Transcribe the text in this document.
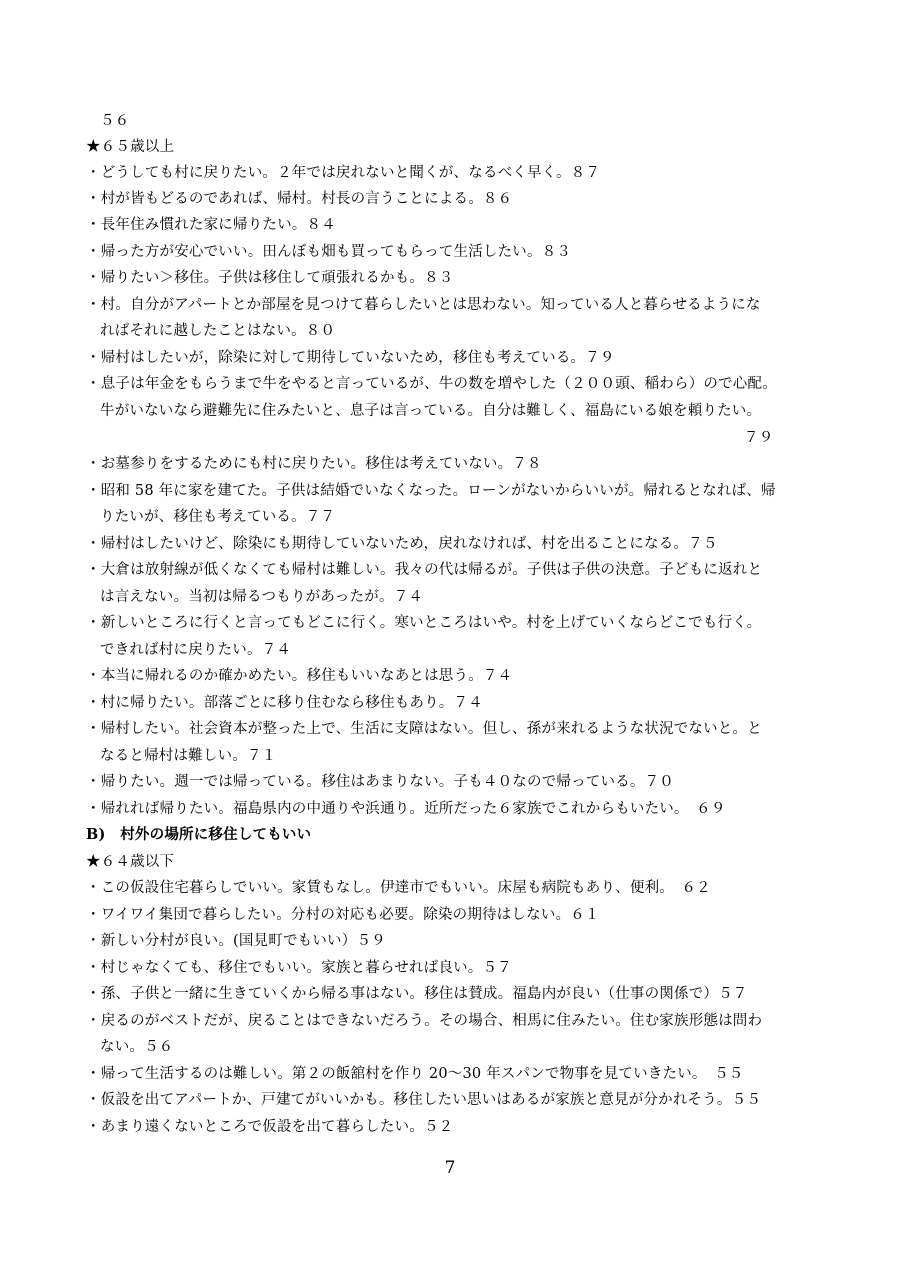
５６
★６５歳以上
・どうしても村に戻りたい。２年では戻れないと聞くが、なるべく早く。８７
・村が皆もどるのであれば、帰村。村長の言うことによる。８６
・長年住み慣れた家に帰りたい。８４
・帰った方が安心でいい。田んぼも畑も買ってもらって生活したい。８３
・帰りたい＞移住。子供は移住して頑張れるかも。８３
・村。自分がアパートとか部屋を見つけて暮らしたいとは思わない。知っている人と暮らせるようにな
ればそれに越したことはない。８０
・帰村はしたいが，除染に対して期待していないため，移住も考えている。７９
・息子は年金をもらうまで牛をやると言っているが、牛の数を増やした（２００頭、稲わら）ので心配。
牛がいないなら避難先に住みたいと、息子は言っている。自分は難しく、福島にいる娘を頼りたい。
７９
・お墓参りをするためにも村に戻りたい。移住は考えていない。７８
・昭和 58 年に家を建てた。子供は結婚でいなくなった。ローンがないからいいが。帰れるとなれば、帰
りたいが、移住も考えている。７７
・帰村はしたいけど、除染にも期待していないため，戻れなければ、村を出ることになる。７５
・大倉は放射線が低くなくても帰村は難しい。我々の代は帰るが。子供は子供の決意。子どもに返れと
は言えない。当初は帰るつもりがあったが。７４
・新しいところに行くと言ってもどこに行く。寒いところはいや。村を上げていくならどこでも行く。
できれば村に戻りたい。７４
・本当に帰れるのか確かめたい。移住もいいなあとは思う。７４
・村に帰りたい。部落ごとに移り住むなら移住もあり。７４
・帰村したい。社会資本が整った上で、生活に支障はない。但し、孫が来れるような状況でないと。と
なると帰村は難しい。７１
・帰りたい。週一では帰っている。移住はあまりない。子も４０なので帰っている。７０
・帰れれば帰りたい。福島県内の中通りや浜通り。近所だった６家族でこれからもいたい。　６９
B)　村外の場所に移住してもいい
★６４歳以下
・この仮設住宅暮らしでいい。家賃もなし。伊達市でもいい。床屋も病院もあり、便利。　６２
・ワイワイ集団で暮らしたい。分村の対応も必要。除染の期待はしない。６１
・新しい分村が良い。(国見町でもいい）５９
・村じゃなくても、移住でもいい。家族と暮らせれば良い。５７
・孫、子供と一緒に生きていくから帰る事はない。移住は賛成。福島内が良い（仕事の関係で）５７
・戻るのがベストだが、戻ることはできないだろう。その場合、相馬に住みたい。住む家族形態は問わ
ない。５６
・帰って生活するのは難しい。第２の飯舘村を作り 20～30 年スパンで物事を見ていきたい。　５５
・仮設を出てアパートか、戸建てがいいかも。移住したい思いはあるが家族と意見が分かれそう。５５
・あまり遠くないところで仮設を出て暮らしたい。５２
7
